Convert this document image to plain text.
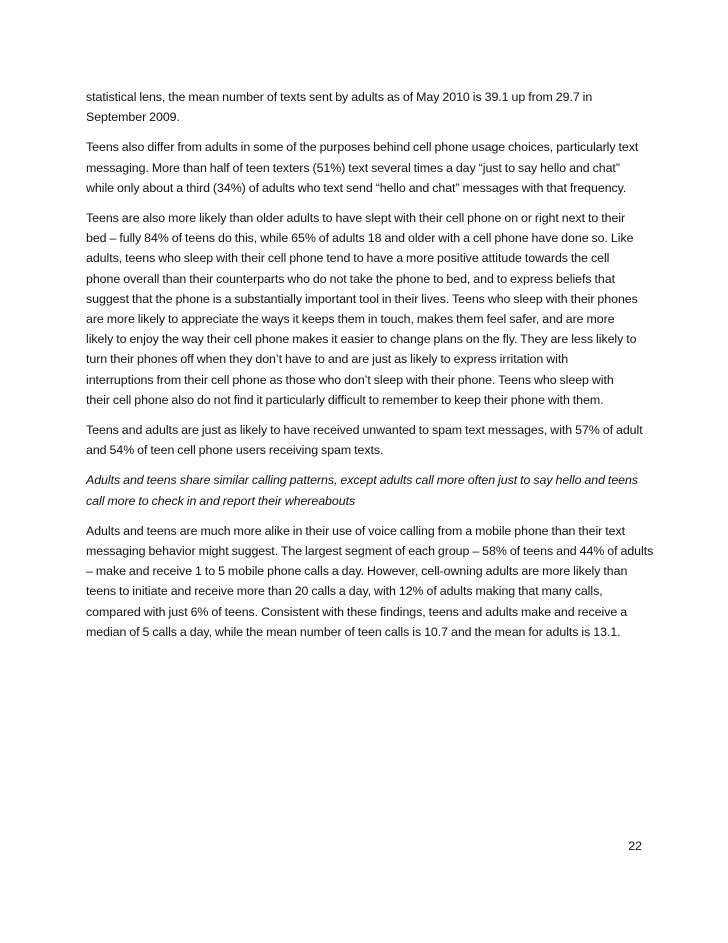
statistical lens, the mean number of texts sent by adults as of May 2010 is 39.1 up from 29.7 in
September 2009.

Teens also differ from adults in some of the purposes behind cell phone usage choices, particularly text
messaging. More than half of teen texters (51%) text several times a day “just to say hello and chat”
while only about a third (34%) of adults who text send “hello and chat” messages with that frequency.

Teens are also more likely than older adults to have slept with their cell phone on or right next to their
bed – fully 84% of teens do this, while 65% of adults 18 and older with a cell phone have done so. Like
adults, teens who sleep with their cell phone tend to have a more positive attitude towards the cell
phone overall than their counterparts who do not take the phone to bed, and to express beliefs that
suggest that the phone is a substantially important tool in their lives. Teens who sleep with their phones
are more likely to appreciate the ways it keeps them in touch, makes them feel safer, and are more
likely to enjoy the way their cell phone makes it easier to change plans on the fly. They are less likely to
turn their phones off when they don’t have to and are just as likely to express irritation with
interruptions from their cell phone as those who don’t sleep with their phone. Teens who sleep with
their cell phone also do not find it particularly difficult to remember to keep their phone with them.

Teens and adults are just as likely to have received unwanted to spam text messages, with 57% of adult
and 54% of teen cell phone users receiving spam texts.

Adults and teens share similar calling patterns, except adults call more often just to say hello and teens
call more to check in and report their whereabouts

Adults and teens are much more alike in their use of voice calling from a mobile phone than their text
messaging behavior might suggest. The largest segment of each group – 58% of teens and 44% of adults
– make and receive 1 to 5 mobile phone calls a day. However, cell-owning adults are more likely than
teens to initiate and receive more than 20 calls a day, with 12% of adults making that many calls,
compared with just 6% of teens. Consistent with these findings, teens and adults make and receive a
median of 5 calls a day, while the mean number of teen calls is 10.7 and the mean for adults is 13.1.

22
